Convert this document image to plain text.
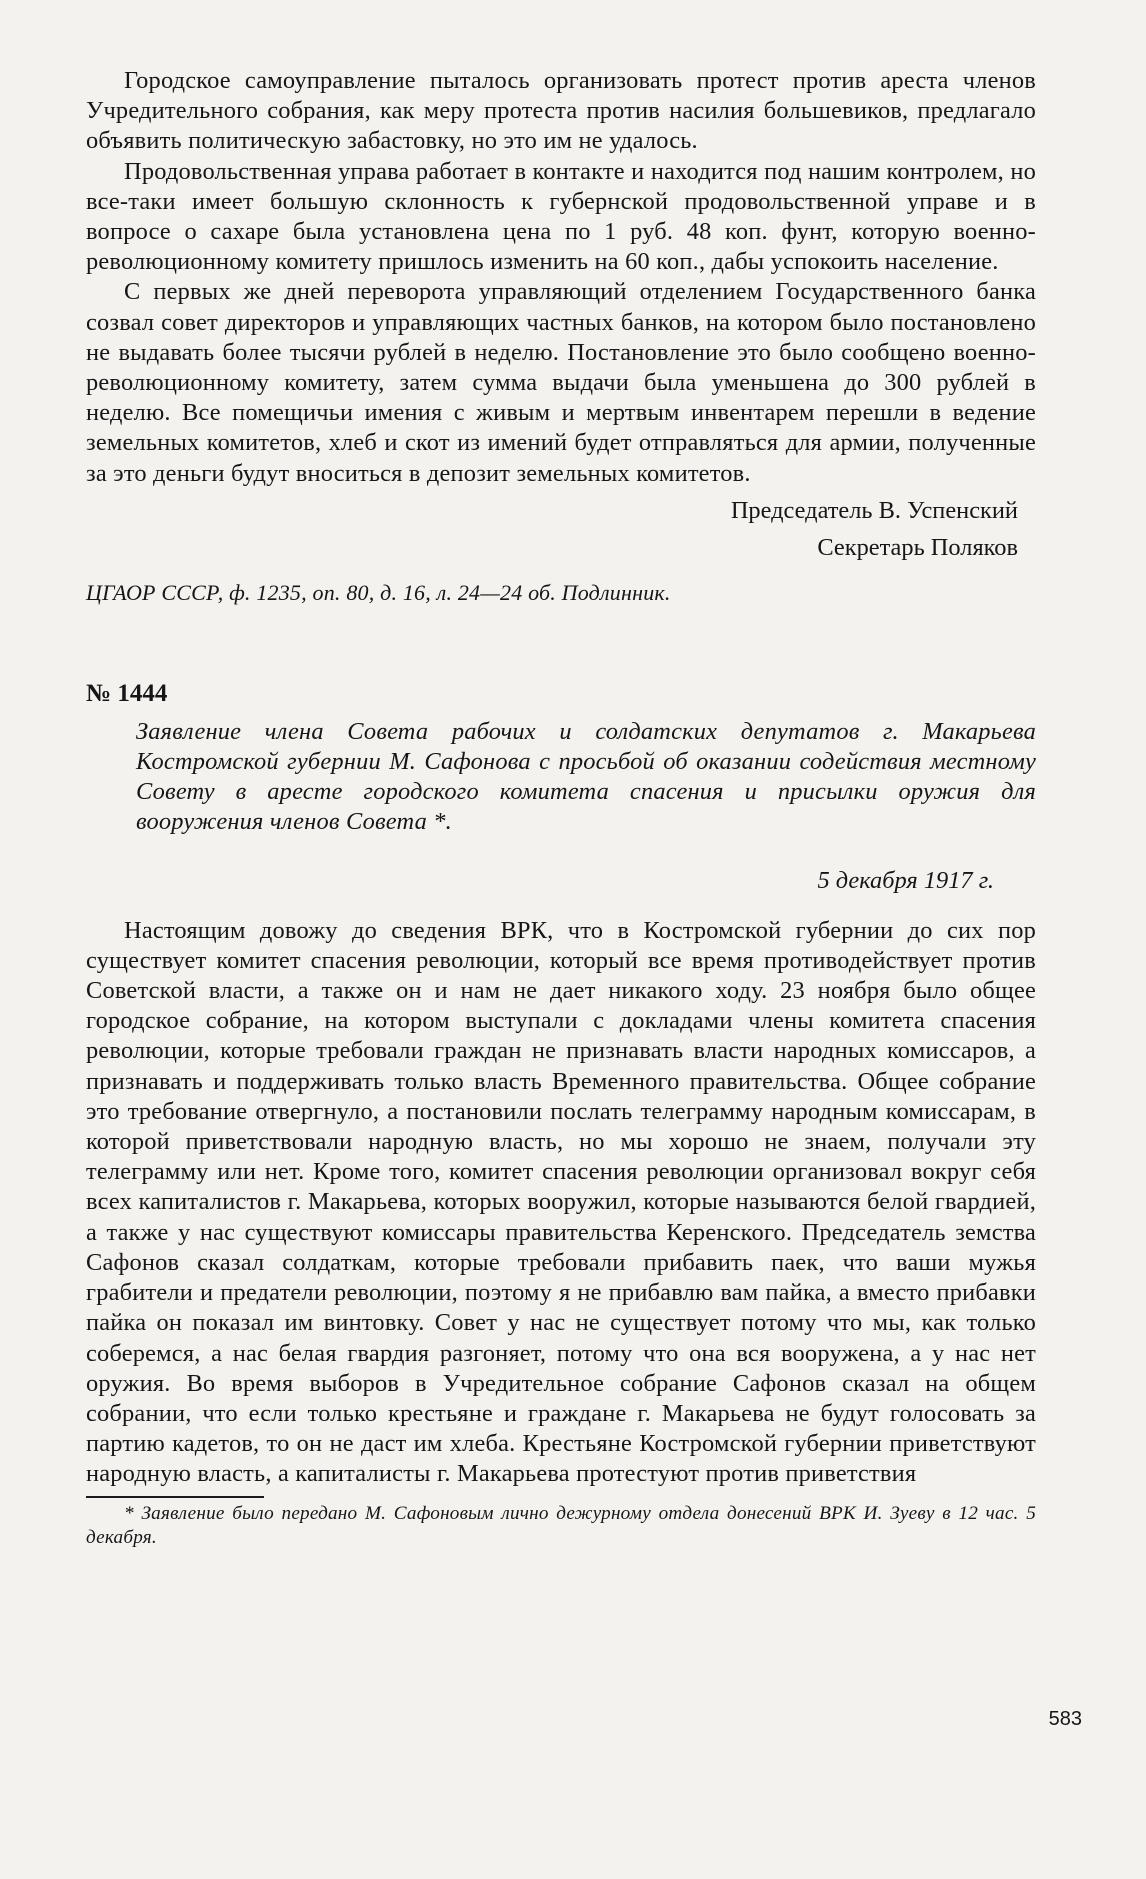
Городское самоуправление пыталось организовать протест против ареста членов Учредительного собрания, как меру протеста против насилия большевиков, предлагало объявить политическую забастовку, но это им не удалось.

Продовольственная управа работает в контакте и находится под нашим контролем, но все-таки имеет большую склонность к губернской продовольственной управе и в вопросе о сахаре была установлена цена по 1 руб. 48 коп. фунт, которую военно-революционному комитету пришлось изменить на 60 коп., дабы успокоить население.

С первых же дней переворота управляющий отделением Государственного банка созвал совет директоров и управляющих частных банков, на котором было постановлено не выдавать более тысячи рублей в неделю. Постановление это было сообщено военно-революционному комитету, затем сумма выдачи была уменьшена до 300 рублей в неделю. Все помещичьи имения с живым и мертвым инвентарем перешли в ведение земельных комитетов, хлеб и скот из имений будет отправляться для армии, полученные за это деньги будут вноситься в депозит земельных комитетов.

Председатель В. Успенский
Секретарь Поляков

ЦГАОР СССР, ф. 1235, оп. 80, д. 16, л. 24—24 об. Подлинник.

№ 1444

Заявление члена Совета рабочих и солдатских депутатов г. Макарьева Костромской губернии М. Сафонова с просьбой об оказании содействия местному Совету в аресте городского комитета спасения и присылки оружия для вооружения членов Совета *.

5 декабря 1917 г.

Настоящим довожу до сведения ВРК, что в Костромской губернии до сих пор существует комитет спасения революции, который все время противодействует против Советской власти, а также он и нам не дает никакого ходу. 23 ноября было общее городское собрание, на котором выступали с докладами члены комитета спасения революции, которые требовали граждан не признавать власти народных комиссаров, а признавать и поддерживать только власть Временного правительства. Общее собрание это требование отвергнуло, а постановили послать телеграмму народным комиссарам, в которой приветствовали народную власть, но мы хорошо не знаем, получали эту телеграмму или нет. Кроме того, комитет спасения революции организовал вокруг себя всех капиталистов г. Макарьева, которых вооружил, которые называются белой гвардией, а также у нас существуют комиссары правительства Керенского. Председатель земства Сафонов сказал солдаткам, которые требовали прибавить паек, что ваши мужья грабители и предатели революции, поэтому я не прибавлю вам пайка, а вместо прибавки пайка он показал им винтовку. Совет у нас не существует потому что мы, как только соберемся, а нас белая гвардия разгоняет, потому что она вся вооружена, а у нас нет оружия. Во время выборов в Учредительное собрание Сафонов сказал на общем собрании, что если только крестьяне и граждане г. Макарьева не будут голосовать за партию кадетов, то он не даст им хлеба. Крестьяне Костромской губернии приветствуют народную власть, а капиталисты г. Макарьева протестуют против приветствия

* Заявление было передано М. Сафоновым лично дежурному отдела донесений ВРК И. Зуеву в 12 час. 5 декабря.

583
